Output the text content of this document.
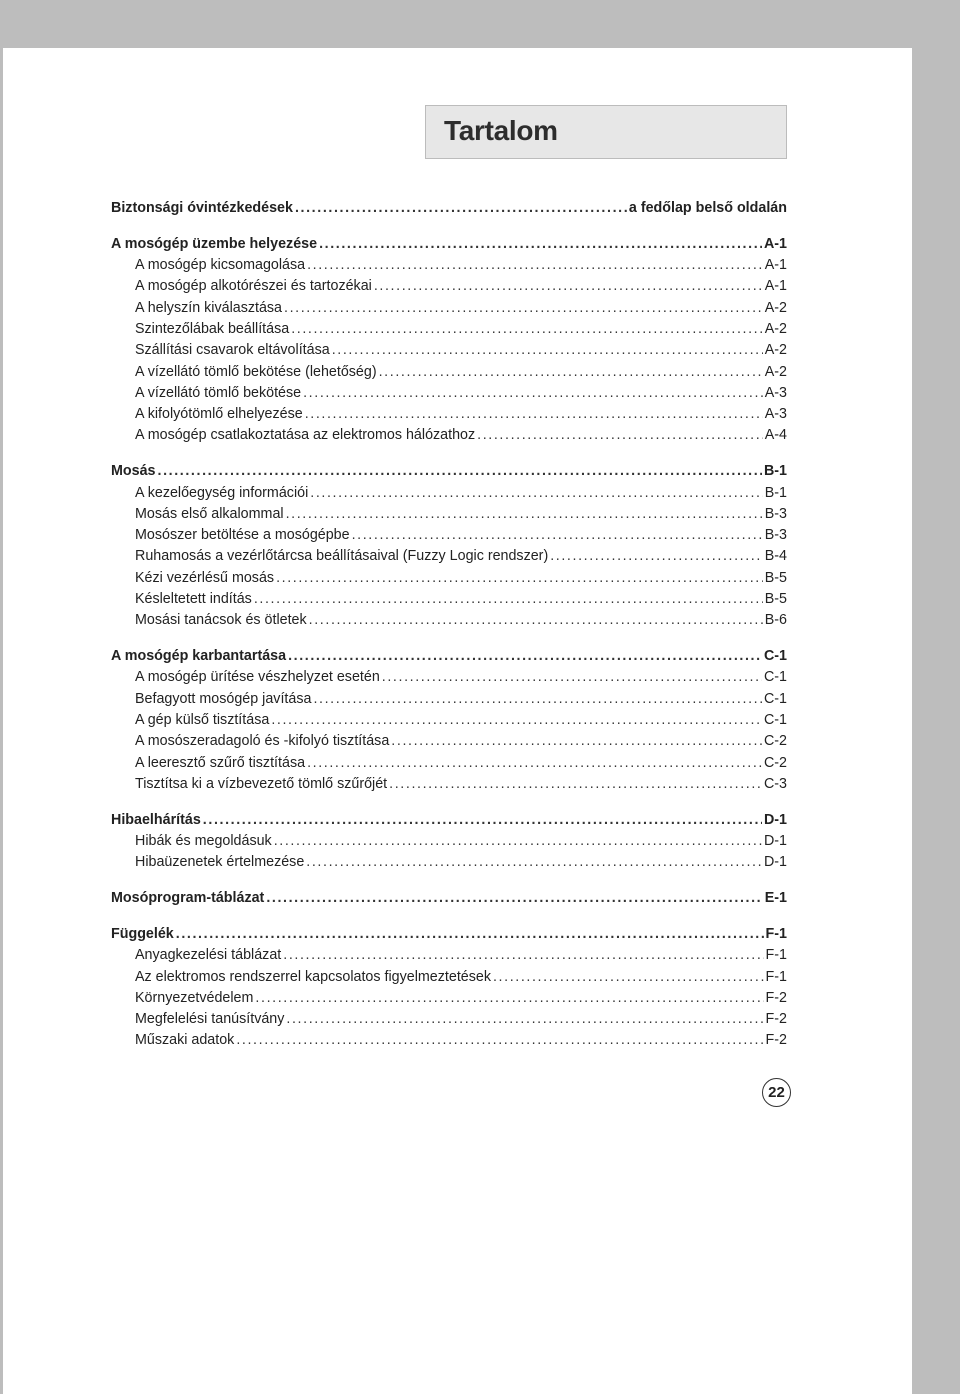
Tartalom
Biztonsági óvintézkedések .....	a fedőlap belső oldalán
A mosógép üzembe helyezése .....	A-1
A mosógép kicsomagolása .....	A-1
A mosógép alkotórészei és tartozékai .....	A-1
A helyszín kiválasztása .....	A-2
Szintezőlábak beállítása .....	A-2
Szállítási csavarok eltávolítása .....	A-2
A vízellátó tömlő bekötése (lehetőség) .....	A-2
A vízellátó tömlő bekötése .....	A-3
A kifolyótömlő elhelyezése .....	A-3
A mosógép csatlakoztatása az elektromos hálózathoz .....	A-4
Mosás .....	B-1
A kezelőegység információi .....	B-1
Mosás első alkalommal .....	B-3
Mosószer betöltése a mosógépbe .....	B-3
Ruhamosás a vezérlőtárcsa beállításaival (Fuzzy Logic rendszer) .....	B-4
Kézi vezérlésű mosás .....	B-5
Késleltetett indítás .....	B-5
Mosási tanácsok és ötletek .....	B-6
A mosógép karbantartása .....	C-1
A mosógép ürítése vészhelyzet esetén .....	C-1
Befagyott mosógép javítása .....	C-1
A gép külső tisztítása .....	C-1
A mosószeradagoló és -kifolyó tisztítása .....	C-2
A leeresztő szűrő tisztítása .....	C-2
Tisztítsa ki a vízbevezető tömlő szűrőjét .....	C-3
Hibaelhárítás .....	D-1
Hibák és megoldásuk .....	D-1
Hibaüzenetek értelmezése .....	D-1
Mosóprogram-táblázat .....	E-1
Függelék .....	F-1
Anyagkezelési táblázat .....	F-1
Az elektromos rendszerrel kapcsolatos figyelmeztetések .....	F-1
Környezetvédelem .....	F-2
Megfelelési tanúsítvány .....	F-2
Műszaki adatok .....	F-2
22
